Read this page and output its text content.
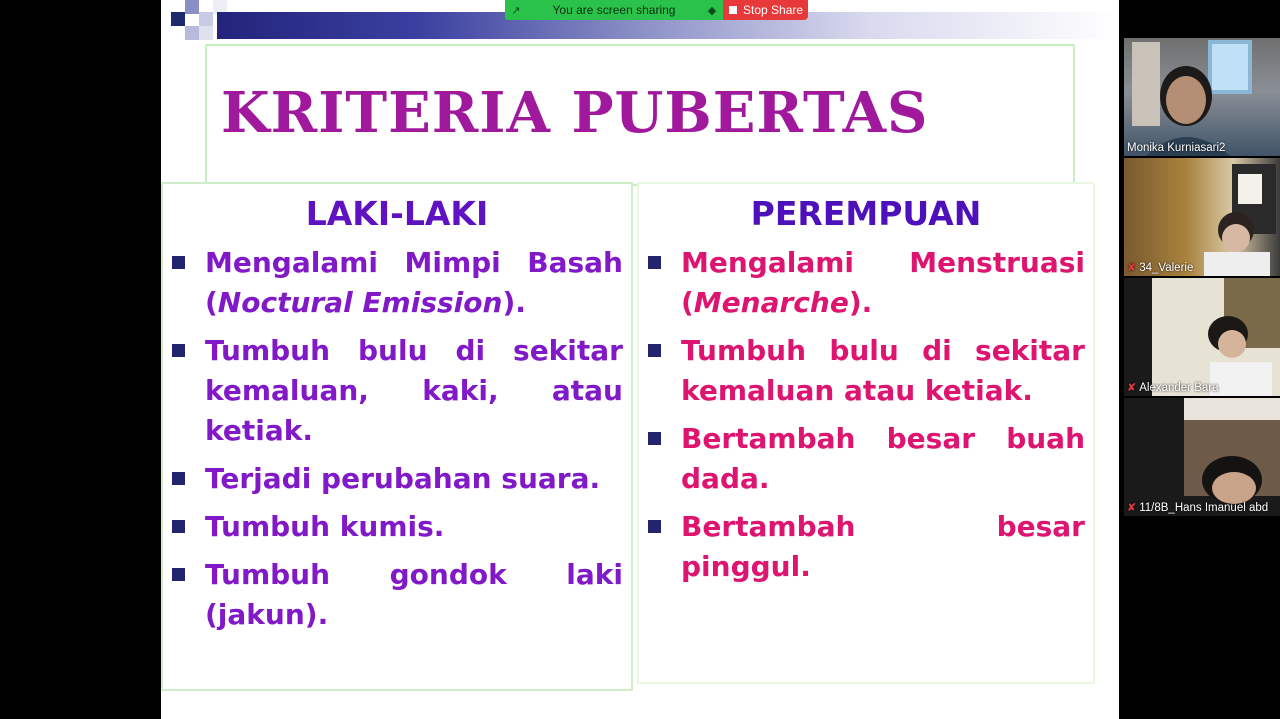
KRITERIA PUBERTAS
LAKI-LAKI
Mengalami Mimpi Basah (Noctural Emission).
Tumbuh bulu di sekitar kemaluan, kaki, atau ketiak.
Terjadi perubahan suara.
Tumbuh kumis.
Tumbuh gondok laki (jakun).
PEREMPUAN
Mengalami Menstruasi (Menarche).
Tumbuh bulu di sekitar kemaluan atau ketiak.
Bertambah besar buah dada.
Bertambah besar pinggul.
↗	You are screen sharing	◆ Stop Share
Monika Kurniasari2
✘ 34_Valerie
✘ Alexander Bara
✘ 11/8B_Hans Imanuel abd
